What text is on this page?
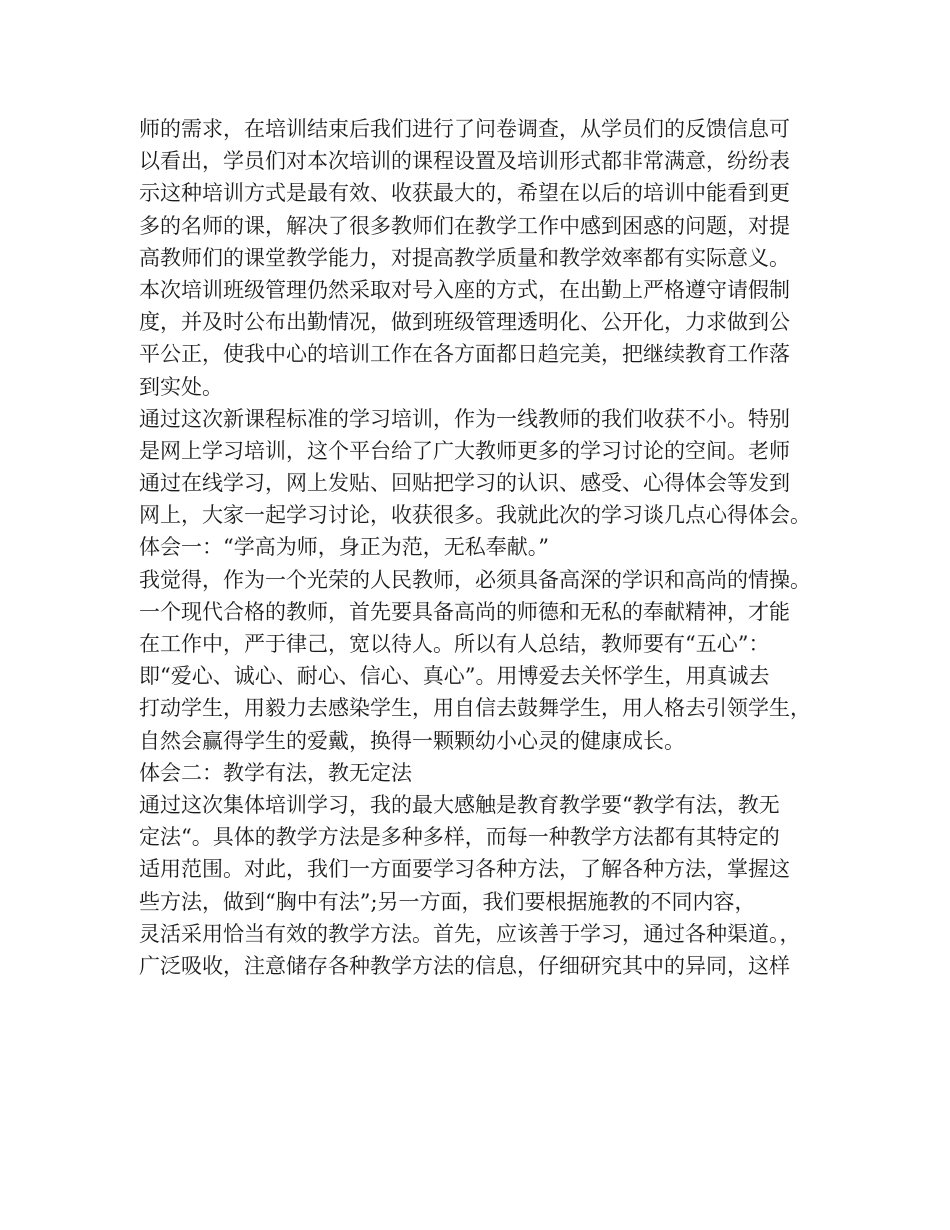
师的需求，在培训结束后我们进行了问卷调查，从学员们的反馈信息可
以看出，学员们对本次培训的课程设置及培训形式都非常满意，纷纷表
示这种培训方式是最有效、收获最大的，希望在以后的培训中能看到更
多的名师的课，解决了很多教师们在教学工作中感到困惑的问题，对提
高教师们的课堂教学能力，对提高教学质量和教学效率都有实际意义。
本次培训班级管理仍然采取对号入座的方式，在出勤上严格遵守请假制
度，并及时公布出勤情况，做到班级管理透明化、公开化，力求做到公
平公正，使我中心的培训工作在各方面都日趋完美，把继续教育工作落
到实处。
通过这次新课程标准的学习培训，作为一线教师的我们收获不小。特别
是网上学习培训，这个平台给了广大教师更多的学习讨论的空间。老师
通过在线学习，网上发贴、回贴把学习的认识、感受、心得体会等发到
网上，大家一起学习讨论，收获很多。我就此次的学习谈几点心得体会。
体会一：“学高为师，身正为范，无私奉献。”
我觉得，作为一个光荣的人民教师，必须具备高深的学识和高尚的情操。
一个现代合格的教师，首先要具备高尚的师德和无私的奉献精神，才能
在工作中，严于律己，宽以待人。所以有人总结，教师要有“五心”：
即“爱心、诚心、耐心、信心、真心”。用博爱去关怀学生，用真诚去
打动学生，用毅力去感染学生，用自信去鼓舞学生，用人格去引领学生，
自然会赢得学生的爱戴，换得一颗颗幼小心灵的健康成长。
体会二：教学有法，教无定法
通过这次集体培训学习，我的最大感触是教育教学要“教学有法，教无
定法“。具体的教学方法是多种多样，而每一种教学方法都有其特定的
适用范围。对此，我们一方面要学习各种方法，了解各种方法，掌握这
些方法，做到“胸中有法”;另一方面，我们要根据施教的不同内容，
灵活采用恰当有效的教学方法。首先，应该善于学习，通过各种渠道。，
广泛吸收，注意储存各种教学方法的信息，仔细研究其中的异同，这样
